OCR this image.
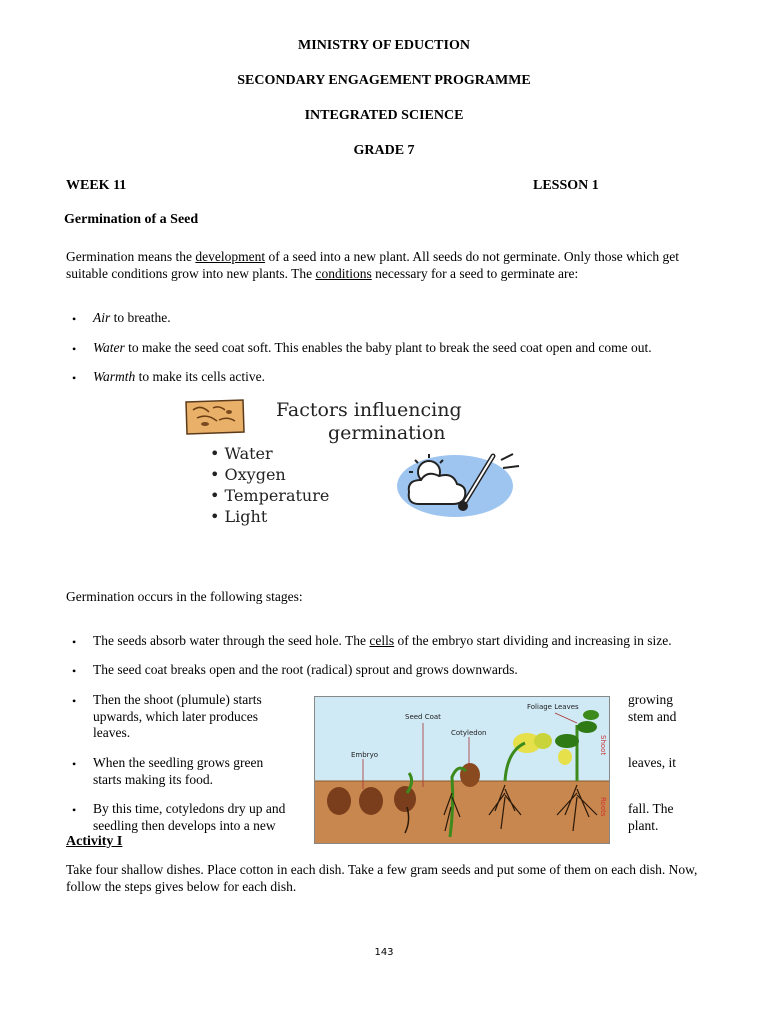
MINISTRY OF EDUCTION
SECONDARY ENGAGEMENT PROGRAMME
INTEGRATED SCIENCE
GRADE 7
WEEK 11	LESSON 1
Germination of a Seed
Germination means the development of a seed into a new plant. All seeds do not germinate. Only those which get suitable conditions grow into new plants. The conditions necessary for a seed to germinate are:
• Air to breathe.
• Water to make the seed coat soft. This enables the baby plant to break the seed coat open and come out.
• Warmth to make its cells active.
Factors influencing
germination
• Water
• Oxygen
• Temperature
• Light
Germination occurs in the following stages:
• The seeds absorb water through the seed hole. The cells of the embryo start dividing and increasing in size.
• The seed coat breaks open and the root (radical) sprout and grows downwards.
• Then the shoot (plumule) starts
upwards, which later produces
leaves.
growing
stem and
• When the seedling grows green
starts making its food.
leaves, it
• By this time, cotyledons dry up and
seedling then develops into a new
fall. The
plant.
Foliage Leaves
Seed Coat
Cotyledon
Embryo	Shoot
Roots
Activity I
Take four shallow dishes. Place cotton in each dish. Take a few gram seeds and put some of them on each dish. Now, follow the steps gives below for each dish.
143
